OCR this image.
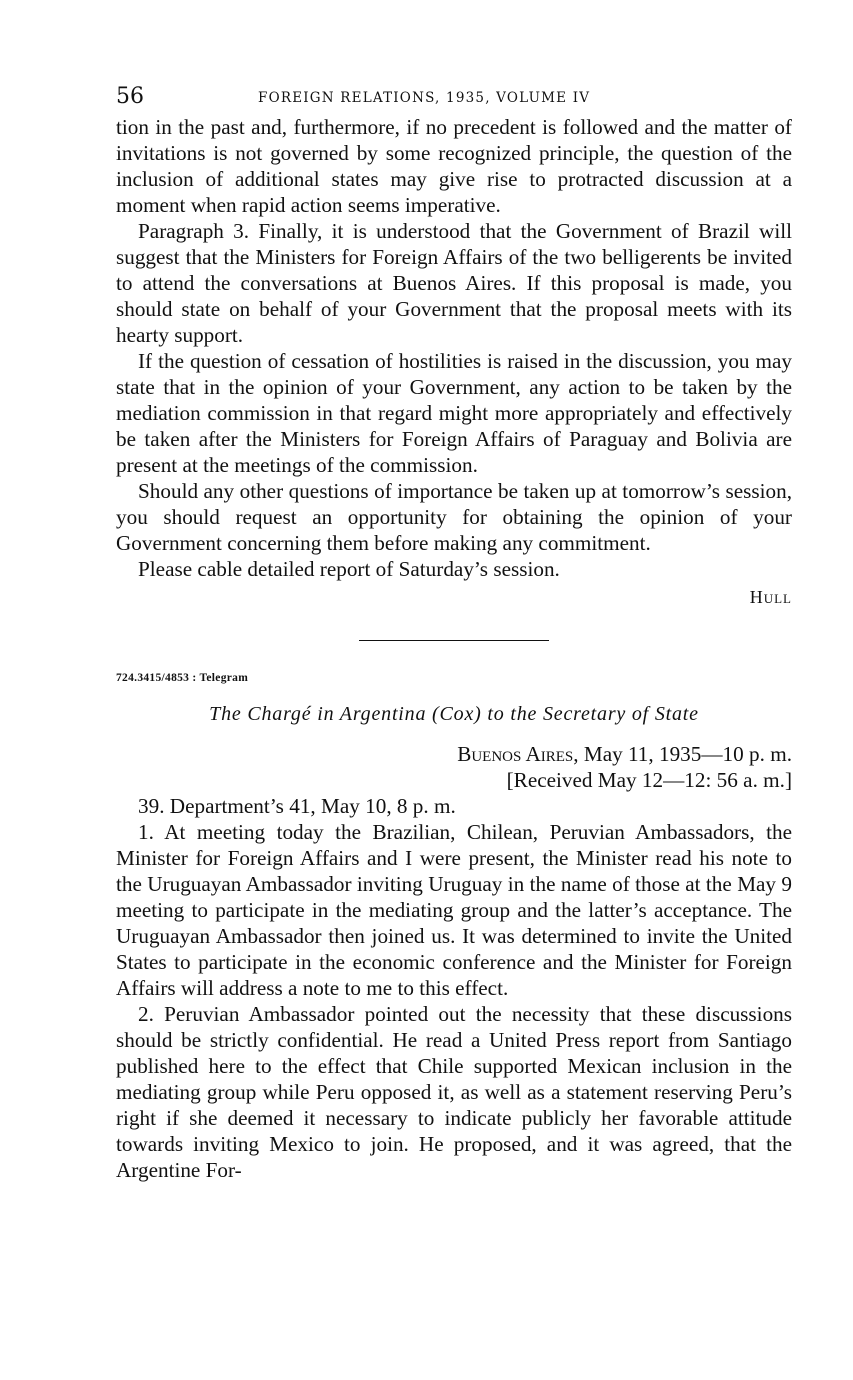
56	FOREIGN RELATIONS, 1935, VOLUME IV

tion in the past and, furthermore, if no precedent is followed and the matter of invitations is not governed by some recognized principle, the question of the inclusion of additional states may give rise to protracted discussion at a moment when rapid action seems imperative.

Paragraph 3. Finally, it is understood that the Government of Brazil will suggest that the Ministers for Foreign Affairs of the two belligerents be invited to attend the conversations at Buenos Aires. If this proposal is made, you should state on behalf of your Government that the proposal meets with its hearty support.

If the question of cessation of hostilities is raised in the discussion, you may state that in the opinion of your Government, any action to be taken by the mediation commission in that regard might more appropriately and effectively be taken after the Ministers for Foreign Affairs of Paraguay and Bolivia are present at the meetings of the commission.

Should any other questions of importance be taken up at tomorrow’s session, you should request an opportunity for obtaining the opinion of your Government concerning them before making any commitment.

Please cable detailed report of Saturday’s session.

Hull
724.3415/4853 : Telegram
The Chargé in Argentina (Cox) to the Secretary of State
Buenos Aires, May 11, 1935—10 p. m.
[Received May 12—12: 56 a. m.]

39. Department’s 41, May 10, 8 p. m.

1. At meeting today the Brazilian, Chilean, Peruvian Ambassadors, the Minister for Foreign Affairs and I were present, the Minister read his note to the Uruguayan Ambassador inviting Uruguay in the name of those at the May 9 meeting to participate in the mediating group and the latter’s acceptance. The Uruguayan Ambassador then joined us. It was determined to invite the United States to participate in the economic conference and the Minister for Foreign Affairs will address a note to me to this effect.

2. Peruvian Ambassador pointed out the necessity that these discussions should be strictly confidential. He read a United Press report from Santiago published here to the effect that Chile supported Mexican inclusion in the mediating group while Peru opposed it, as well as a statement reserving Peru’s right if she deemed it necessary to indicate publicly her favorable attitude towards inviting Mexico to join. He proposed, and it was agreed, that the Argentine For-
